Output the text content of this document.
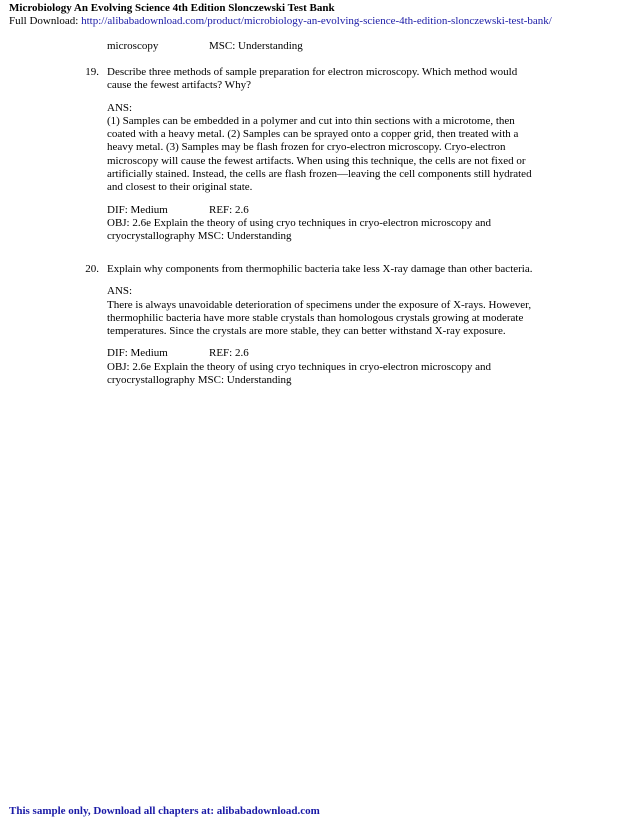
Microbiology An Evolving Science 4th Edition Slonczewski Test Bank
Full Download: http://alibabadownload.com/product/microbiology-an-evolving-science-4th-edition-slonczewski-test-bank/
microscopy	MSC: Understanding
19. Describe three methods of sample preparation for electron microscopy. Which method would
cause the fewest artifacts? Why?
ANS:
(1) Samples can be embedded in a polymer and cut into thin sections with a microtome, then
coated with a heavy metal. (2) Samples can be sprayed onto a copper grid, then treated with a
heavy metal. (3) Samples may be flash frozen for cryo-electron microscopy. Cryo-electron
microscopy will cause the fewest artifacts. When using this technique, the cells are not fixed or
artificially stained. Instead, the cells are flash frozen—leaving the cell components still hydrated
and closest to their original state.
DIF: Medium	REF: 2.6
OBJ: 2.6e Explain the theory of using cryo techniques in cryo-electron microscopy and
cryocrystallography MSC: Understanding
20. Explain why components from thermophilic bacteria take less X-ray damage than other bacteria.
ANS:
There is always unavoidable deterioration of specimens under the exposure of X-rays. However,
thermophilic bacteria have more stable crystals than homologous crystals growing at moderate
temperatures. Since the crystals are more stable, they can better withstand X-ray exposure.
DIF: Medium	REF: 2.6
OBJ: 2.6e Explain the theory of using cryo techniques in cryo-electron microscopy and
cryocrystallography MSC: Understanding
This sample only, Download all chapters at: alibabadownload.com
